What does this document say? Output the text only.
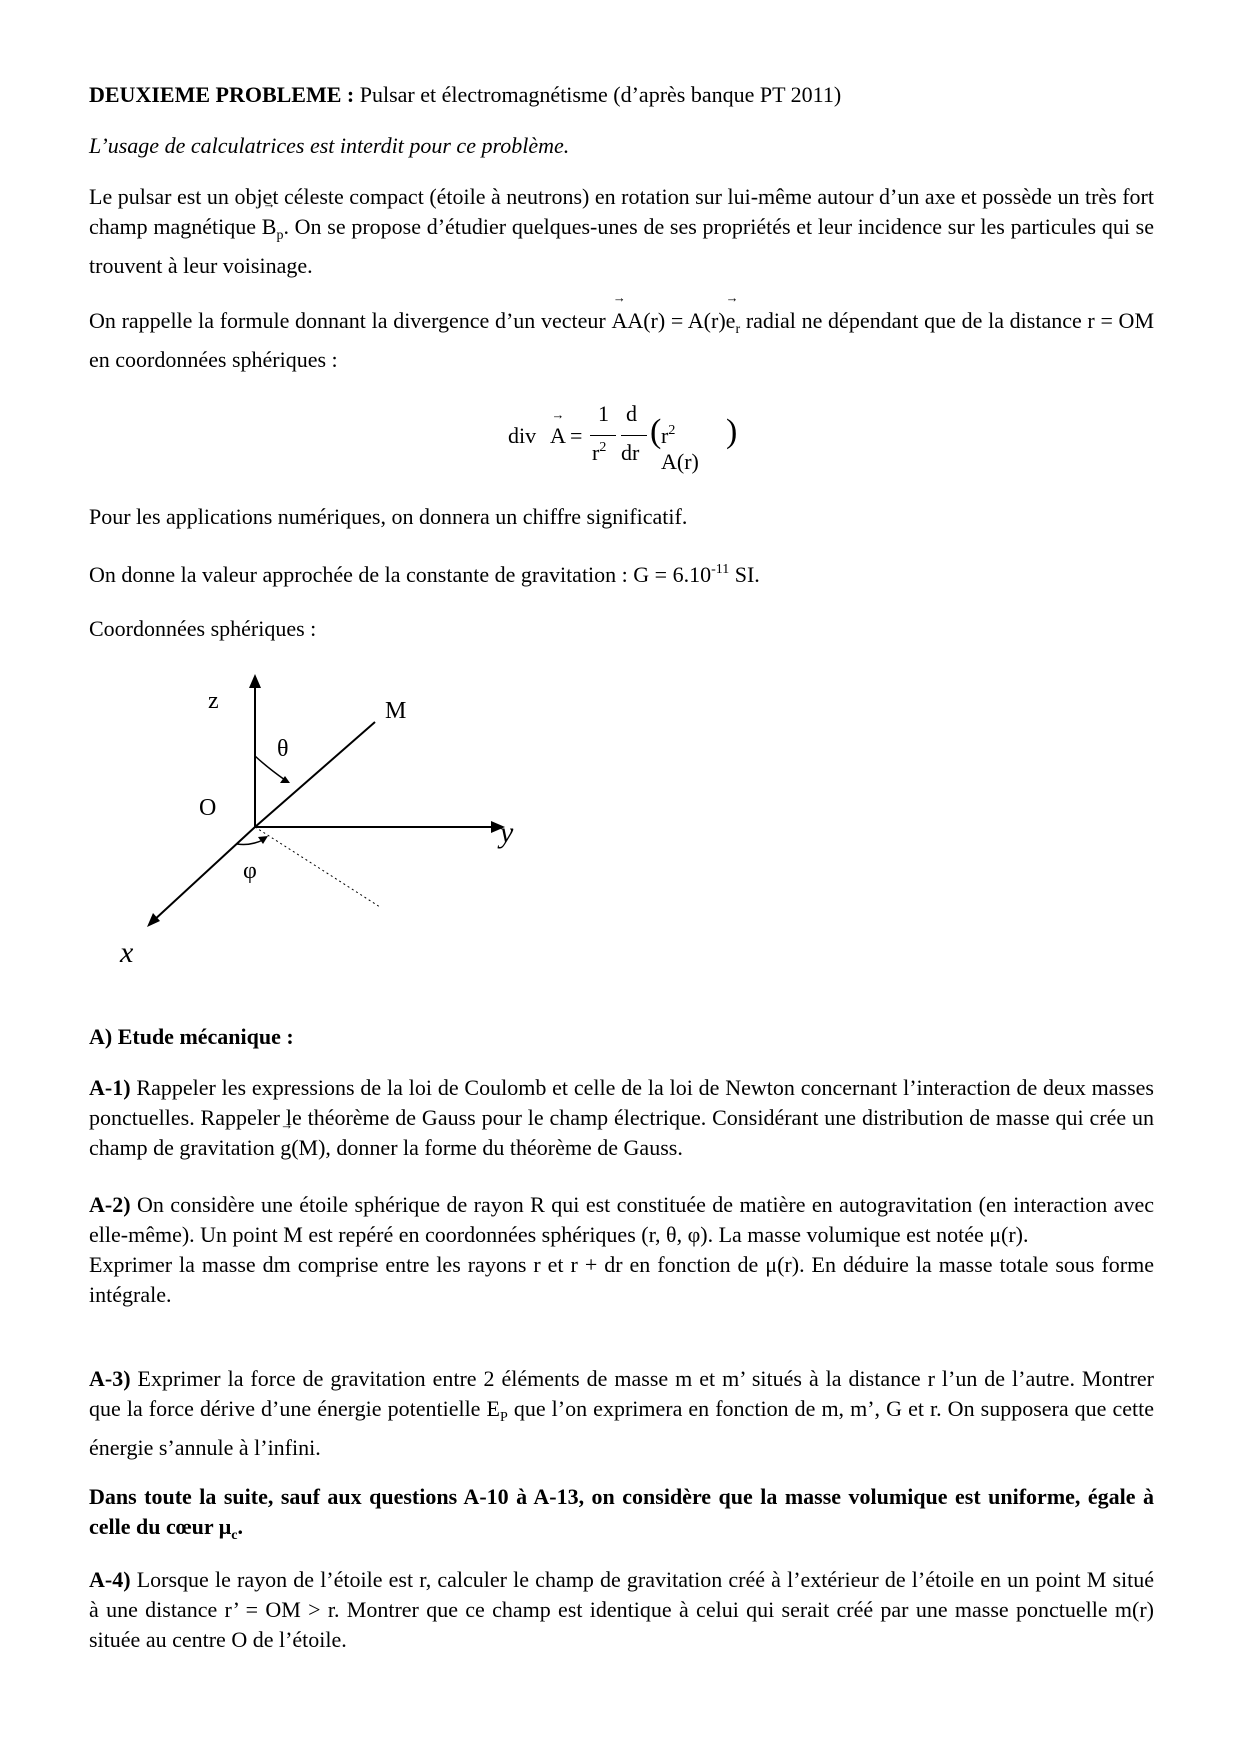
DEUXIEME PROBLEME : Pulsar et électromagnétisme (d’après banque PT 2011)
L’usage de calculatrices est interdit pour ce problème.
Le pulsar est un objet céleste compact (étoile à neutrons) en rotation sur lui-même autour d’un axe et possède un très fort champ magnétique → $B_p$. On se propose d’étudier quelques-unes de ses propriétés et leur incidence sur les particules qui se trouvent à leur voisinage.
On rappelle la formule donnant la divergence d’un vecteur → $AA(r) = A(r)\to e_r$ radial ne dépendant que de la distance r = OM en coordonnées sphériques :
div → A =
1
$r^2$
d
dr
( $r^2$ A(r)
)
Pour les applications numériques, on donnera un chiffre significatif.
On donne la valeur approchée de la constante de gravitation : $G = 6.10^{-11}$ SI.
Coordonnées sphériques :
z	M
θ
O
y
φ
x
A) Etude mécanique :
A-1) Rappeler les expressions de la loi de Coulomb et celle de la loi de Newton concernant l’interaction de deux masses ponctuelles. Rappeler le théorème de Gauss pour le champ électrique. Considérant une distribution de masse qui crée un champ de gravitation → g(M), donner la forme du théorème de Gauss.
A-2) On considère une étoile sphérique de rayon R qui est constituée de matière en autogravitation (en interaction avec elle-même). Un point M est repéré en coordonnées sphériques (r, θ, φ). La masse volumique est notée μ(r).
Exprimer la masse dm comprise entre les rayons r et r + dr en fonction de μ(r). En déduire la masse totale sous forme intégrale.
A-3) Exprimer la force de gravitation entre 2 éléments de masse m et m’ situés à la distance r l’un de l’autre. Montrer que la force dérive d’une énergie potentielle $E_P$ que l’on exprimera en fonction de m, m’, G et r. On supposera que cette énergie s’annule à l’infini.
Dans toute la suite, sauf aux questions A-10 à A-13, on considère que la masse volumique est uniforme, égale à celle du cœur $\mu_c$.
A-4) Lorsque le rayon de l’étoile est r, calculer le champ de gravitation créé à l’extérieur de l’étoile en un point M situé à une distance r’ = OM > r. Montrer que ce champ est identique à celui qui serait créé par une masse ponctuelle m(r) située au centre O de l’étoile.
